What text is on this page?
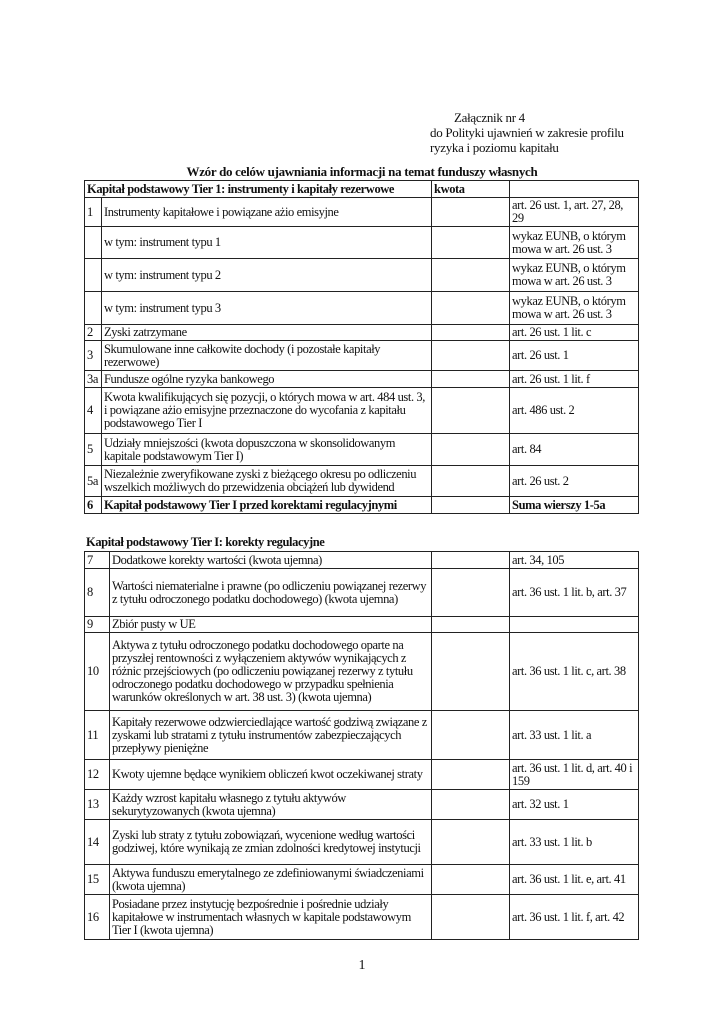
Załącznik nr 4
do Polityki ujawnień w zakresie profilu
ryzyka i poziomu kapitału
Wzór do celów ujawniania informacji na temat funduszy własnych
Kapitał podstawowy Tier 1: instrumenty i kapitały rezerwowe		kwota	
1	Instrumenty kapitałowe i powiązane ażio emisyjne		art. 26 ust. 1, art. 27, 28, 29
	w tym: instrument typu 1		wykaz EUNB, o którym mowa w art. 26 ust. 3
	w tym: instrument typu 2		wykaz EUNB, o którym mowa w art. 26 ust. 3
	w tym: instrument typu 3		wykaz EUNB, o którym mowa w art. 26 ust. 3
2	Zyski zatrzymane		art. 26 ust. 1 lit. c
3	Skumulowane inne całkowite dochody (i pozostałe kapitały rezerwowe)		art. 26 ust. 1
3a	Fundusze ogólne ryzyka bankowego		art. 26 ust. 1 lit. f
4	Kwota kwalifikujących się pozycji, o których mowa w art. 484 ust. 3, i powiązane ażio emisyjne przeznaczone do wycofania z kapitału podstawowego Tier I		art. 486 ust. 2
5	Udziały mniejszości (kwota dopuszczona w skonsolidowanym kapitale podstawowym Tier I)		art. 84
5a	Niezależnie zweryfikowane zyski z bieżącego okresu po odliczeniu wszelkich możliwych do przewidzenia obciążeń lub dywidend		art. 26 ust. 2
6	Kapitał podstawowy Tier I przed korektami regulacyjnymi		Suma wierszy 1-5a
Kapitał podstawowy Tier I: korekty regulacyjne
7	Dodatkowe korekty wartości (kwota ujemna)		art. 34, 105
8	Wartości niematerialne i prawne (po odliczeniu powiązanej rezerwy z tytułu odroczonego podatku dochodowego) (kwota ujemna)		art. 36 ust. 1 lit. b, art. 37
9	Zbiór pusty w UE		
10	Aktywa z tytułu odroczonego podatku dochodowego oparte na przyszłej rentowności z wyłączeniem aktywów wynikających z różnic przejściowych (po odliczeniu powiązanej rezerwy z tytułu odroczonego podatku dochodowego w przypadku spełnienia warunków określonych w art. 38 ust. 3) (kwota ujemna)		art. 36 ust. 1 lit. c, art. 38
11	Kapitały rezerwowe odzwierciedlające wartość godziwą związane z zyskami lub stratami z tytułu instrumentów zabezpieczających przepływy pieniężne		art. 33 ust. 1 lit. a
12	Kwoty ujemne będące wynikiem obliczeń kwot oczekiwanej straty		art. 36 ust. 1 lit. d, art. 40 i 159
13	Każdy wzrost kapitału własnego z tytułu aktywów sekurytyzowanych (kwota ujemna)		art. 32 ust. 1
14	Zyski lub straty z tytułu zobowiązań, wycenione według wartości godziwej, które wynikają ze zmian zdolności kredytowej instytucji		art. 33 ust. 1 lit. b
15	Aktywa funduszu emerytalnego ze zdefiniowanymi świadczeniami (kwota ujemna)		art. 36 ust. 1 lit. e, art. 41
16	Posiadane przez instytucję bezpośrednie i pośrednie udziały kapitałowe w instrumentach własnych w kapitale podstawowym Tier I (kwota ujemna)		art. 36 ust. 1 lit. f, art. 42
1
